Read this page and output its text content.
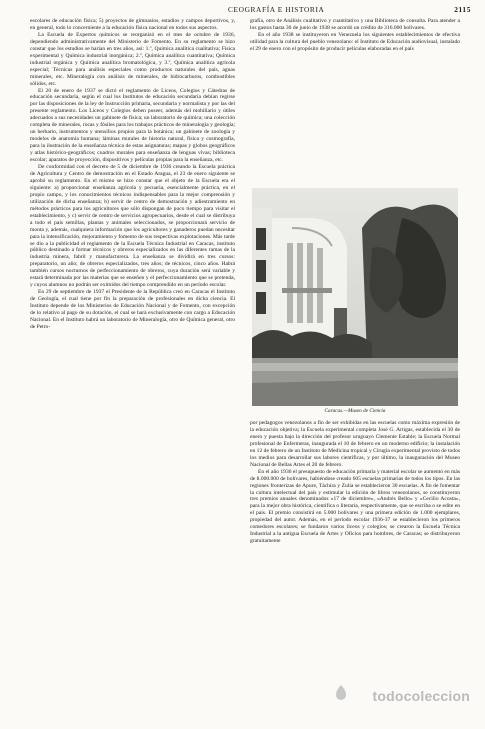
CEOGRAFÍA E HISTORIA	2115

escolares de educación física; 5) proyectos de gimnasios, estadios y campos deportivos, y, en general, todo lo concerniente a la educación física nacional en todos sus aspectos.

La Escuela de Expertos químicos se reorganizó en el mes de octubre de 1936, dependiendo administrativamente del Ministerio de Fomento. En su reglamento se hizo constar que los estudios se harían en tres años, así: 1.º, Química analítica cualitativa; Física experimental y Química industrial inorgánica; 2.º, Química analítica cuantitativa; Química industrial orgánica y Química analítica bromatológica, y 3.º, Química analítica agrícola especial; Técnicas para análisis especiales como productos naturales del país, aguas minerales, etc. Mineralogía con análisis de minerales, de hidrocarburos, combustibles sólidos, etc.

El 20 de enero de 1937 se dictó el reglamento de Liceos, Colegios y Cátedras de educación secundaria, según el cual los Institutos de educación secundaria debían regirse por las disposiciones de la ley de Instrucción primaria, secundaria y normalista y por las del presente reglamento. Los Liceos y Colegios deben poseer, además del mobiliario y útiles adecuados a sus necesidades un gabinete de física; un laboratorio de química; una colección completa de minerales, rocas y fósiles para los trabajos prácticos de mineralogía y geología; un herbario, instrumentos y utensilios propios para la botánica; un gabinete de zoología y modelos de anatomía humana; láminas murales de historia natural, física y cosmografía, para la ilustración de la enseñanza técnica de estas asignaturas; mapas y globos geográficos y atlas histórico-geográficos; cuadros murales para enseñanza de lenguas vivas; biblioteca escolar; aparatos de proyección, dispositivos y películas propias para la enseñanza, etc.

De conformidad con el decreto de 5 de diciembre de 1936 creando la Escuela práctica de Agricultura y Centro de demostración en el Estado Aragua, el 23 de enero siguiente se aprobó su reglamento. En el mismo se hizo constar que el objeto de la Escuela era el siguiente: a) proporcionar enseñanza agrícola y pecuaria, esencialmente práctica, en el propio campo, y los conocimientos técnicos indispensables para la mejor comprensión y utilización de dicha enseñanza; b) servir de centro de demostración y adiestramiento en métodos prácticos para los agricultores que sólo dispongan de poco tiempo para visitar el establecimiento, y c) servir de centro de servicios agropecuarios, desde el cual se distribuya a todo el país semillas, plantas y animales seleccionados, se proporcionará servicio de monta y, además, cualquiera información que los agricultores y ganaderos puedan necesitar para la intensificación, mejoramiento y fomento de sus respectivas explotaciones. Más tarde se dio a la publicidad el reglamento de la Escuela Técnica Industrial en Caracas, instituto público destinado a formar técnicos y obreros especializados en las diferentes ramas de la industria minera, fabril y manufacturera. La enseñanza se dividirá en tres cursos: preparatorio, un año; de obreros especializados, tres años; de técnicos, cinco años. Habrá también cursos nocturnos de perfeccionamiento de obreros, cuya duración será variable y estará determinada por las materias que se enseñen y el perfeccionamiento que se pretenda, y cuyos alumnos no podrán ser eximidos del tiempo comprendido en un período escolar.

En 29 de septiembre de 1937 el Presidente de la República creó en Caracas el Instituto de Geología, el cual tiene por fin la preparación de profesionales en dicha ciencia. El Instituto depende de los Ministerios de Educación Nacional y de Fomento, con excepción de lo relativo al pago de su dotación, el cual se hará exclusivamente con cargo a Educación Nacional. En el Instituto habrá un laboratorio de Mineralogía, otro de Química general, otro de Petro-

grafía, otro de Análisis cualitativo y cuantitativo y una Biblioteca de consulta. Para atender a los gastos hasta 30 de junio de 1938 se acordó un crédito de 316.000 bolívares.

En el año 1938 se instituyeron en Venezuela los siguientes establecimientos de efectiva utilidad para la cultura del pueblo venezolano: el Instituto de Educación audiovisual, instalado el 29 de enero con el propósito de producir películas elaboradas en el país

Caracas.—Museo de Ciencia

por pedagogos venezolanos a fin de ser exhibidas en las escuelas como máxima expresión de la educación objetiva; la Escuela experimental completa José G. Artigas, establecida el 30 de enero y puesta bajo la dirección del profesor uruguayo Clemente Estable; la Escuela Normal profesional de Enfermeras, inaugurada el 10 de febrero en un moderno edificio; la instalación en 12 de febrero de un Instituto de Medicina tropical y Cirugía experimental provisto de todos los medios para desarrollar sus labores científicas, y por último, la inauguración del Museo Nacional de Bellas Artes el 20 de febrero.

En el año 1936 el presupuesto de educación primaria y material escolar se aumentó en más de 8.000.000 de bolívares, habiéndose creado 605 escuelas primarias de todos los tipos. En las regiones fronterizas de Apure, Táchira y Zulia se establecieron 30 escuelas. A fin de fomentar la cultura intelectual del país y estimular la edición de libros venezolanos, se constituyeron tres premios anuales denominados «17 de diciembre», «Andrés Bello» y «Cecilio Acosta», para la mejor obra histórica, científica o literaria, respectivamente, que se escriba o se edite en el país. El premio consistirá en 5.000 bolívares y una primera edición de 1.000 ejemplares, propiedad del autor. Además, en el período escolar 1936-37 se establecieron los primeros comedores escolares; se fundaron varios liceos y colegios; se crearon la Escuela Técnica Industrial a la antigua Escuela de Artes y Oficios para hombres, de Caracas; se distribuyeron gratuitamente

todocoleccion
